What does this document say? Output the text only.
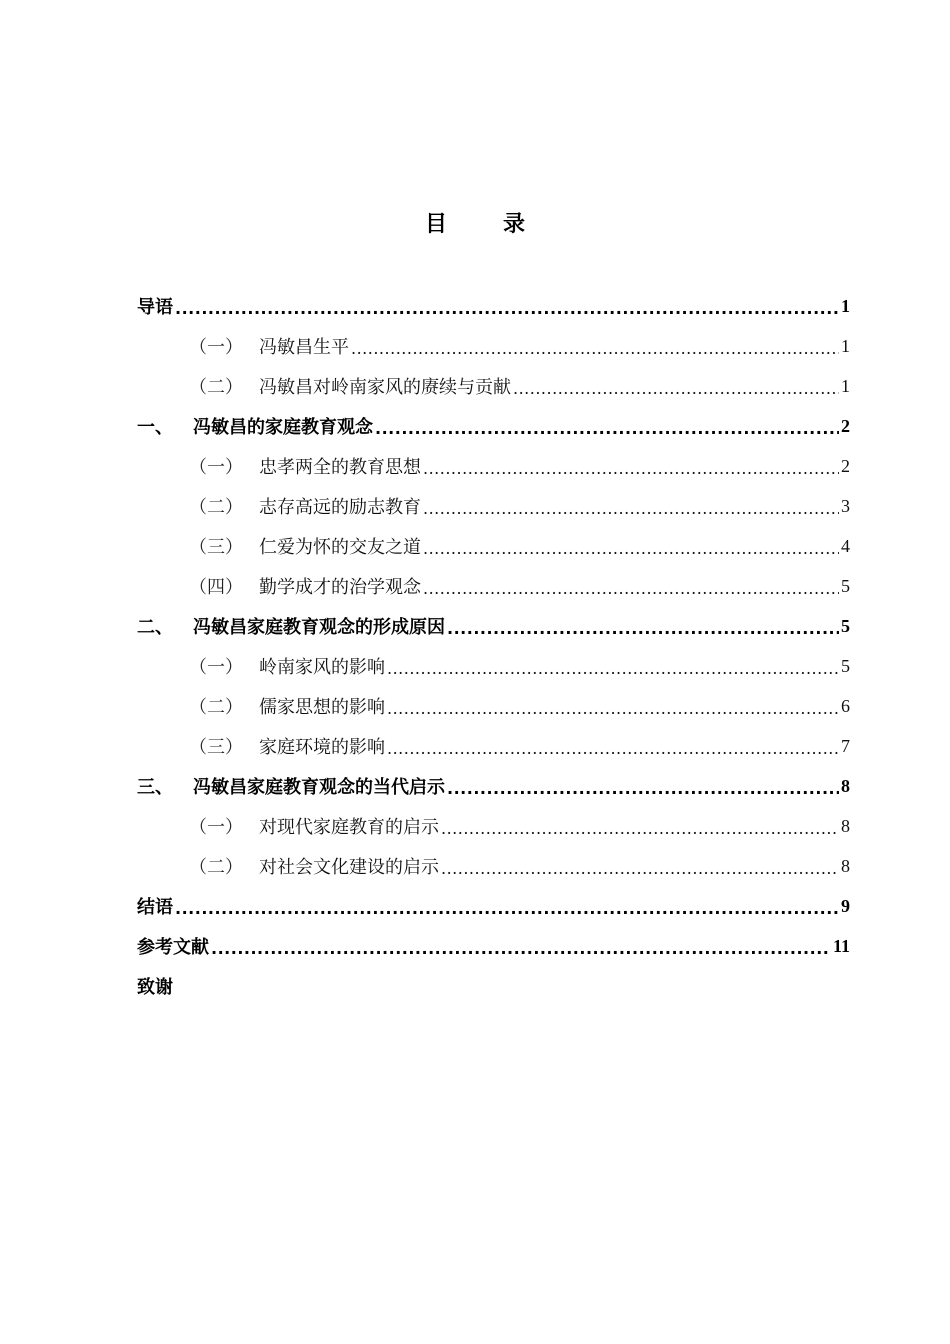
目	录
导语 .....	1
（一） 冯敏昌生平 .....	1
（二） 冯敏昌对岭南家风的赓续与贡献 .....	1
一、	冯敏昌的家庭教育观念 .....	2
（一） 忠孝两全的教育思想 .....	2
（二） 志存高远的励志教育 .....	3
（三） 仁爱为怀的交友之道 .....	4
（四） 勤学成才的治学观念 .....	5
二、	冯敏昌家庭教育观念的形成原因 .....	5
（一） 岭南家风的影响 .....	5
（二） 儒家思想的影响 .....	6
（三） 家庭环境的影响 .....	7
三、	冯敏昌家庭教育观念的当代启示 .....	8
（一） 对现代家庭教育的启示 .....	8
（二） 对社会文化建设的启示 .....	8
结语 .....	9
参考文献 .....	11
致谢
